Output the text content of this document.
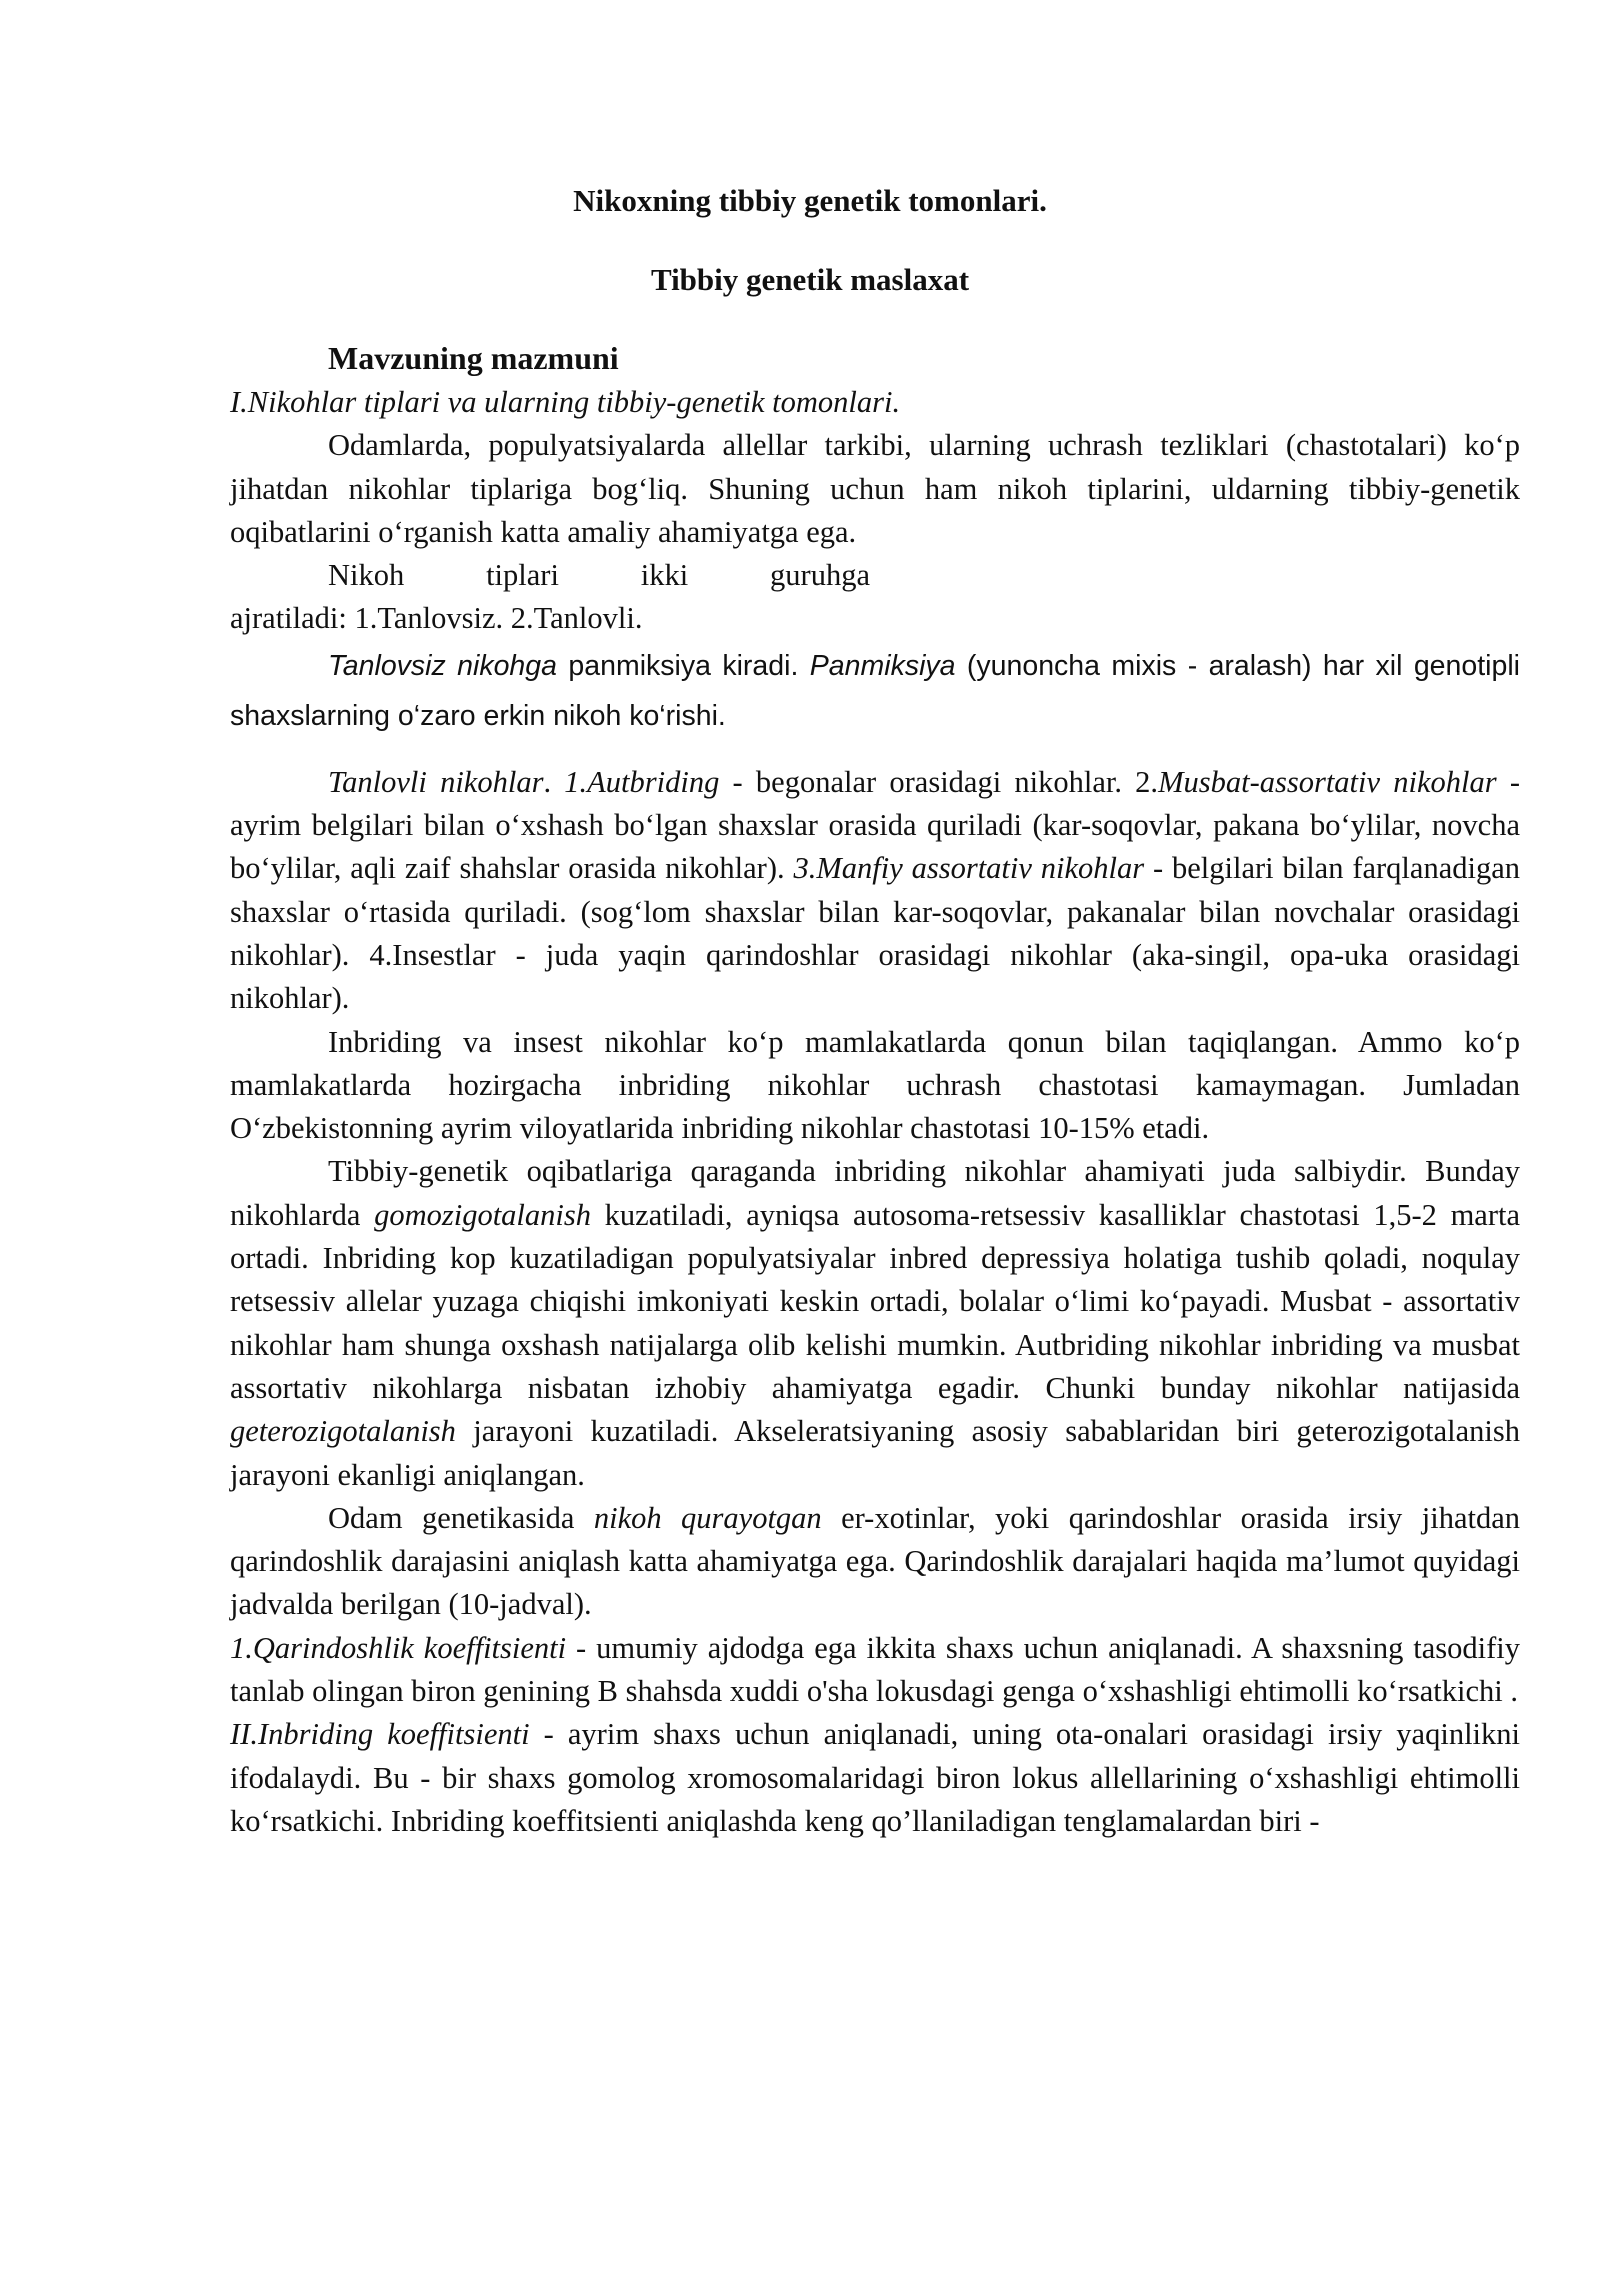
Nikoxning tibbiy genetik tomonlari.
Tibbiy genetik maslaxat

Mavzuning mazmuni

I.Nikohlar tiplari va ularning tibbiy-genetik tomonlari.

Odamlarda, populyatsiyalarda allellar tarkibi, ularning uchrash tezliklari (chastotalari) ko‘p jihatdan nikohlar tiplariga bog‘liq. Shuning uchun ham nikoh tiplarini, uldarning tibbiy-genetik oqibatlarini o‘rganish katta amaliy ahamiyatga ega.

Nikoh tiplari ikki guruhga

ajratiladi: 1.Tanlovsiz. 2.Tanlovli.

Tanlovsiz nikohga panmiksiya kiradi. Panmiksiya (yunoncha mixis - aralash) har xil genotipli shaxslarning o‘zaro erkin nikoh ko‘rishi.

Tanlovli nikohlar. 1.Autbriding - begonalar orasidagi nikohlar. 2.Musbat-assortativ nikohlar - ayrim belgilari bilan o‘xshash bo‘lgan shaxslar orasida quriladi (kar-soqovlar, pakana bo‘ylilar, novcha bo‘ylilar, aqli zaif shahslar orasida nikohlar). 3.Manfiy assortativ nikohlar - belgilari bilan farqlanadigan shaxslar o‘rtasida quriladi. (sog‘lom shaxslar bilan kar-soqovlar, pakanalar bilan novchalar orasidagi nikohlar). 4.Insestlar - juda yaqin qarindoshlar orasidagi nikohlar (aka-singil, opa-uka orasidagi nikohlar).

Inbriding va insest nikohlar ko‘p mamlakatlarda qonun bilan taqiqlangan. Ammo ko‘p mamlakatlarda hozirgacha inbriding nikohlar uchrash chastotasi kamaymagan. Jumladan O‘zbekistonning ayrim viloyatlarida inbriding nikohlar chastotasi 10-15% etadi.

Tibbiy-genetik oqibatlariga qaraganda inbriding nikohlar ahamiyati juda salbiydir. Bunday nikohlarda gomozigotalanish kuzatiladi, ayniqsa autosoma-retsessiv kasalliklar chastotasi 1,5-2 marta ortadi. Inbriding kop kuzatiladigan populyatsiyalar inbred depressiya holatiga tushib qoladi, noqulay retsessiv allelar yuzaga chiqishi imkoniyati keskin ortadi, bolalar o‘limi ko‘payadi. Musbat - assortativ nikohlar ham shunga oxshash natijalarga olib kelishi mumkin. Autbriding nikohlar inbriding va musbat assortativ nikohlarga nisbatan izhobiy ahamiyatga egadir. Chunki bunday nikohlar natijasida geterozigotalanish jarayoni kuzatiladi. Akseleratsiyaning asosiy sabablaridan biri geterozigotalanish jarayoni ekanligi aniqlangan.

Odam genetikasida nikoh qurayotgan er-xotinlar, yoki qarindoshlar orasida irsiy jihatdan qarindoshlik darajasini aniqlash katta ahamiyatga ega. Qarindoshlik darajalari haqida ma’lumot quyidagi jadvalda berilgan (10-jadval).

1.Qarindoshlik koeffitsienti - umumiy ajdodga ega ikkita shaxs uchun aniqlanadi. A shaxsning tasodifiy tanlab olingan biron genining B shahsda xuddi o'sha lokusdagi genga o‘xshashligi ehtimolli ko‘rsatkichi .

II.Inbriding koeffitsienti - ayrim shaxs uchun aniqlanadi, uning ota-onalari orasidagi irsiy yaqinlikni ifodalaydi. Bu - bir shaxs gomolog xromosomalaridagi biron lokus allellarining o‘xshashligi ehtimolli ko‘rsatkichi. Inbriding koeffitsienti aniqlashda keng qo’llaniladigan tenglamalardan biri -
